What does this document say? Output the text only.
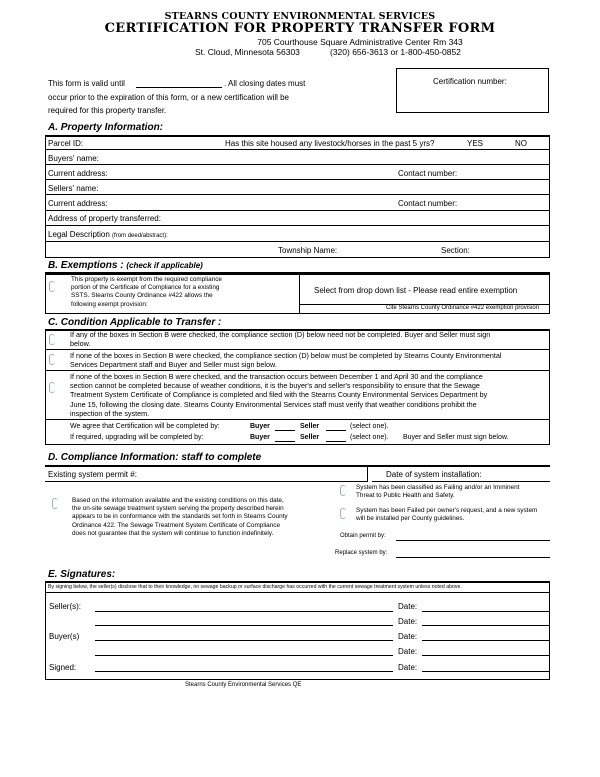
STEARNS COUNTY ENVIRONMENTAL SERVICES
CERTIFICATION FOR PROPERTY TRANSFER FORM
705 Courthouse Square Administrative Center Rm 343
St. Cloud, Minnesota 56303	(320) 656-3613 or 1-800-450-0852
This form is valid until	. All closing dates must
occur prior to the expiration of this form, or a new certification will be
required for this property transfer.
Certification number:
A. Property Information:
Parcel ID:	Has this site housed any livestock/horses in the past 5 yrs?	YES	NO
Buyers' name:
Current address:	Contact number:
Sellers' name:
Current address:	Contact number:
Address of property transferred:
Legal Description (from deed/abstract):
Township Name:	Section:
B. Exemptions : (check if applicable)
This property is exempt from the required compliance
portion of the Certificate of Compliance for a existing
SSTS. Stearns County Ordinance #422 allows the
following exempt provision:
Select from drop down list - Please read entire exemption
Cite Stearns County Ordinance #422 exemption provision
C. Condition Applicable to Transfer :
If any of the boxes in Section B were checked, the compliance section (D) below need not be completed. Buyer and Seller must sign
below.
If none of the boxes in Section B were checked, the compliance section (D) below must be completed by Stearns County Environmental
Services Department staff and Buyer and Seller must sign below.
If none of the boxes in Section B were checked, and the transaction occurs between December 1 and April 30 and the compliance
section cannot be completed because of weather conditions, it is the buyer's and seller's responsibility to ensure that the Sewage
Treatment System Certificate of Compliance is completed and filed with the Stearns County Environmental Services Department by
June 15, following the closing date. Stearns County Environmental Services staff must verify that weather conditions prohibit the
inspection of the system.
We agree that Certification will be completed by:	Buyer	Seller	(select one).
If required, upgrading will be completed by:	Buyer	Seller	(select one). Buyer and Seller must sign below.
D. Compliance Information: staff to complete
Existing system permit #:	Date of system installation:
Based on the information available and the existing conditions on this date,
the on-site sewage treatment system serving the property described herein
appears to be in conformance with the standards set forth in Stearns County
Ordinance 422. The Sewage Treatment System Certificate of Compliance
does not guarantee that the system will continue to function indefinitely.
System has been classified as Failing and/or an Imminent
Threat to Public Health and Safety.
System has been Failed per owner's request, and a new system
will be installed per County guidelines.
Obtain permit by:
Replace system by:
E. Signatures:
By signing below, the seller(s) disclose that to their knowledge, no sewage backup or surface discharge has occurred with the current sewage treatment system unless noted above.
Seller(s):	Date:
Date:
Buyer(s)	Date:
Date:
Signed:	Date:
Stearns County Environmental Services QE
